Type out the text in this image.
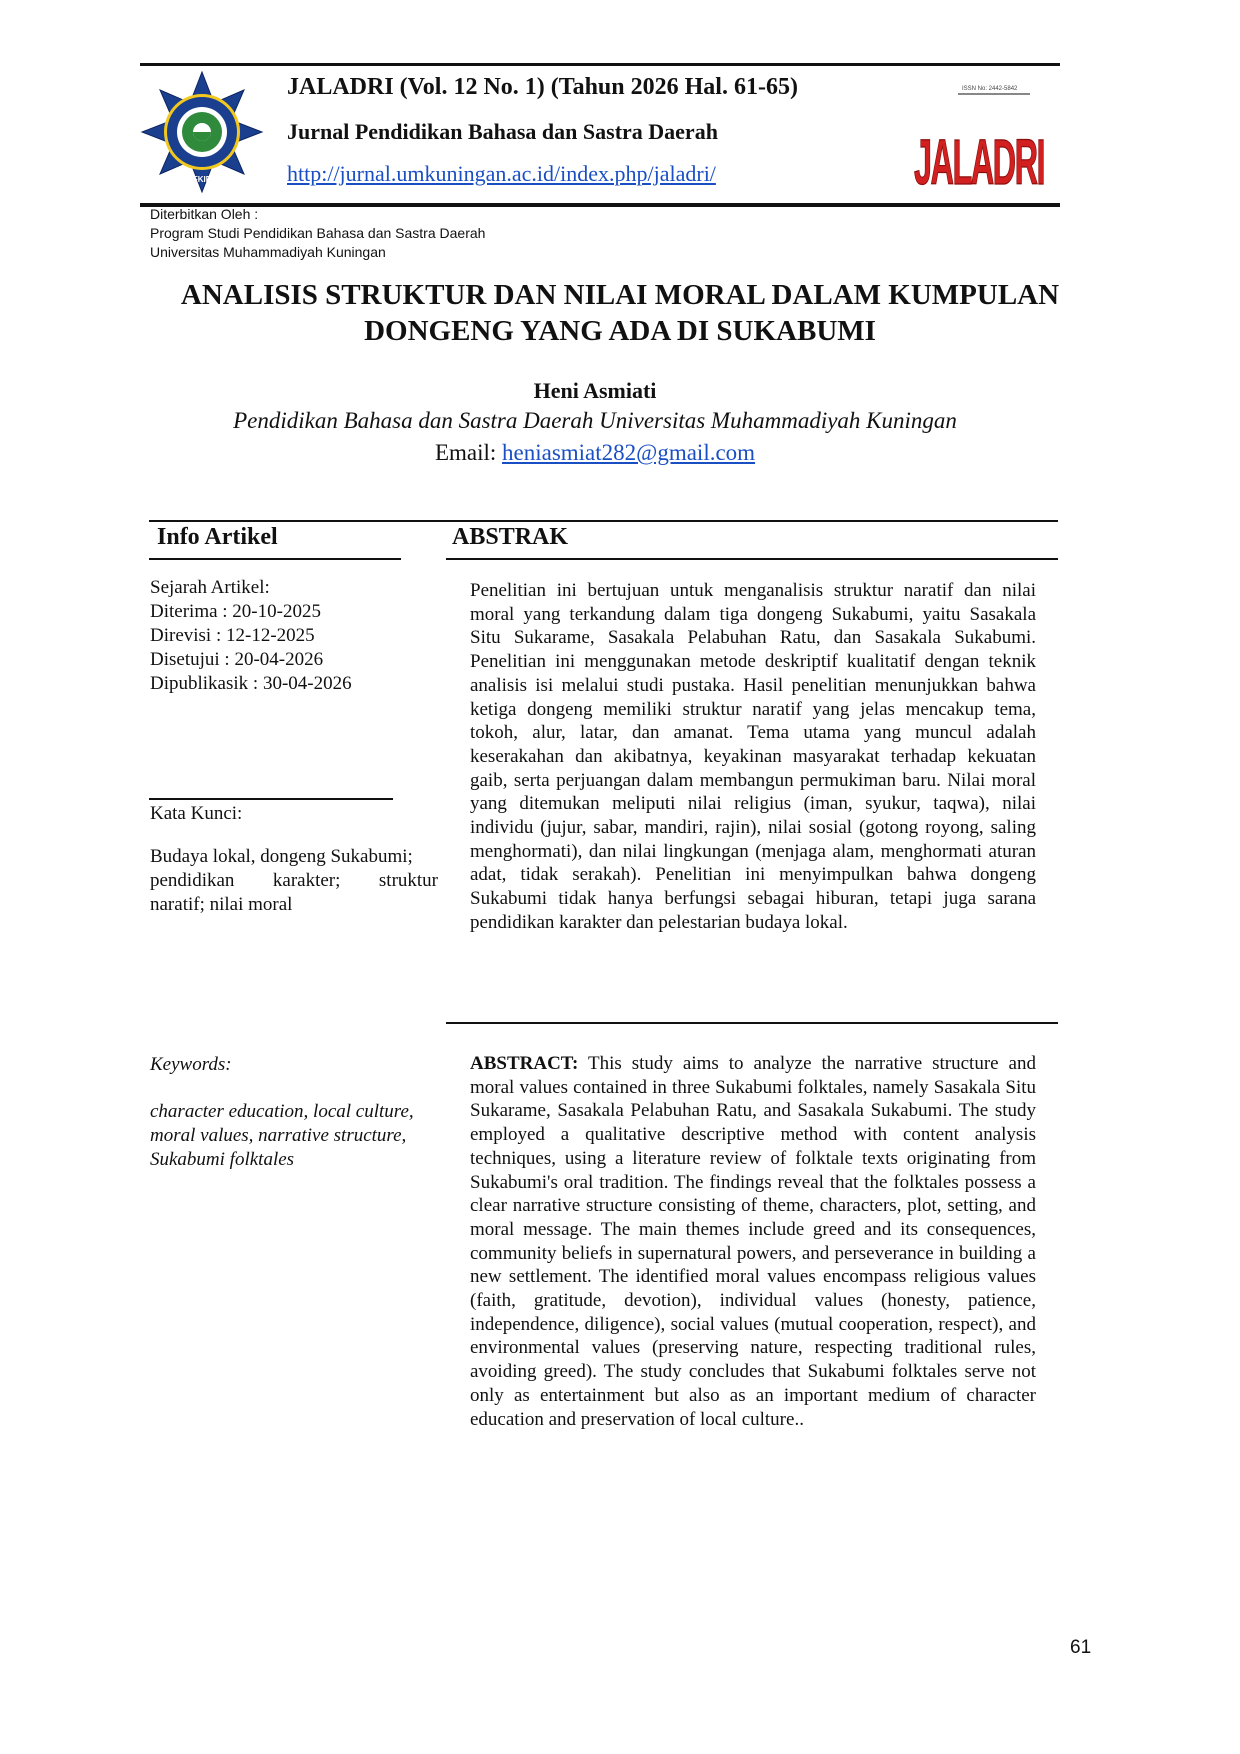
FKIP
JALADRI (Vol. 12 No. 1) (Tahun 2026 Hal. 61-65)
Jurnal Pendidikan Bahasa dan Sastra Daerah
http://jurnal.umkuningan.ac.id/index.php/jaladri/
ISSN No: 2442-5842
JALADRI
Diterbitkan Oleh :
Program Studi Pendidikan Bahasa dan Sastra Daerah
Universitas Muhammadiyah Kuningan
ANALISIS STRUKTUR DAN NILAI MORAL DALAM KUMPULAN
DONGENG YANG ADA DI SUKABUMI
Heni Asmiati
Pendidikan Bahasa dan Sastra Daerah Universitas Muhammadiyah Kuningan
Email: heniasmiat282@gmail.com
Info Artikel	ABSTRAK
Sejarah Artikel:
Diterima : 20-10-2025
Direvisi : 12-12-2025
Disetujui : 20-04-2026
Dipublikasik : 30-04-2026
Kata Kunci:
Budaya lokal, dongeng Sukabumi;
pendidikan karakter; struktur
naratif; nilai moral
Keywords:
character education, local culture,
moral values, narrative structure,
Sukabumi folktales
Penelitian ini bertujuan untuk menganalisis struktur naratif dan nilai moral yang terkandung dalam tiga dongeng Sukabumi, yaitu Sasakala Situ Sukarame, Sasakala Pelabuhan Ratu, dan Sasakala Sukabumi. Penelitian ini menggunakan metode deskriptif kualitatif dengan teknik analisis isi melalui studi pustaka. Hasil penelitian menunjukkan bahwa ketiga dongeng memiliki struktur naratif yang jelas mencakup tema, tokoh, alur, latar, dan amanat. Tema utama yang muncul adalah keserakahan dan akibatnya, keyakinan masyarakat terhadap kekuatan gaib, serta perjuangan dalam membangun permukiman baru. Nilai moral yang ditemukan meliputi nilai religius (iman, syukur, taqwa), nilai individu (jujur, sabar, mandiri, rajin), nilai sosial (gotong royong, saling menghormati), dan nilai lingkungan (menjaga alam, menghormati aturan adat, tidak serakah). Penelitian ini menyimpulkan bahwa dongeng Sukabumi tidak hanya berfungsi sebagai hiburan, tetapi juga sarana pendidikan karakter dan pelestarian budaya lokal.
ABSTRACT: This study aims to analyze the narrative structure and moral values contained in three Sukabumi folktales, namely Sasakala Situ Sukarame, Sasakala Pelabuhan Ratu, and Sasakala Sukabumi. The study employed a qualitative descriptive method with content analysis techniques, using a literature review of folktale texts originating from Sukabumi's oral tradition. The findings reveal that the folktales possess a clear narrative structure consisting of theme, characters, plot, setting, and moral message. The main themes include greed and its consequences, community beliefs in supernatural powers, and perseverance in building a new settlement. The identified moral values encompass religious values (faith, gratitude, devotion), individual values (honesty, patience, independence, diligence), social values (mutual cooperation, respect), and environmental values (preserving nature, respecting traditional rules, avoiding greed). The study concludes that Sukabumi folktales serve not only as entertainment but also as an important medium of character education and preservation of local culture..
61
